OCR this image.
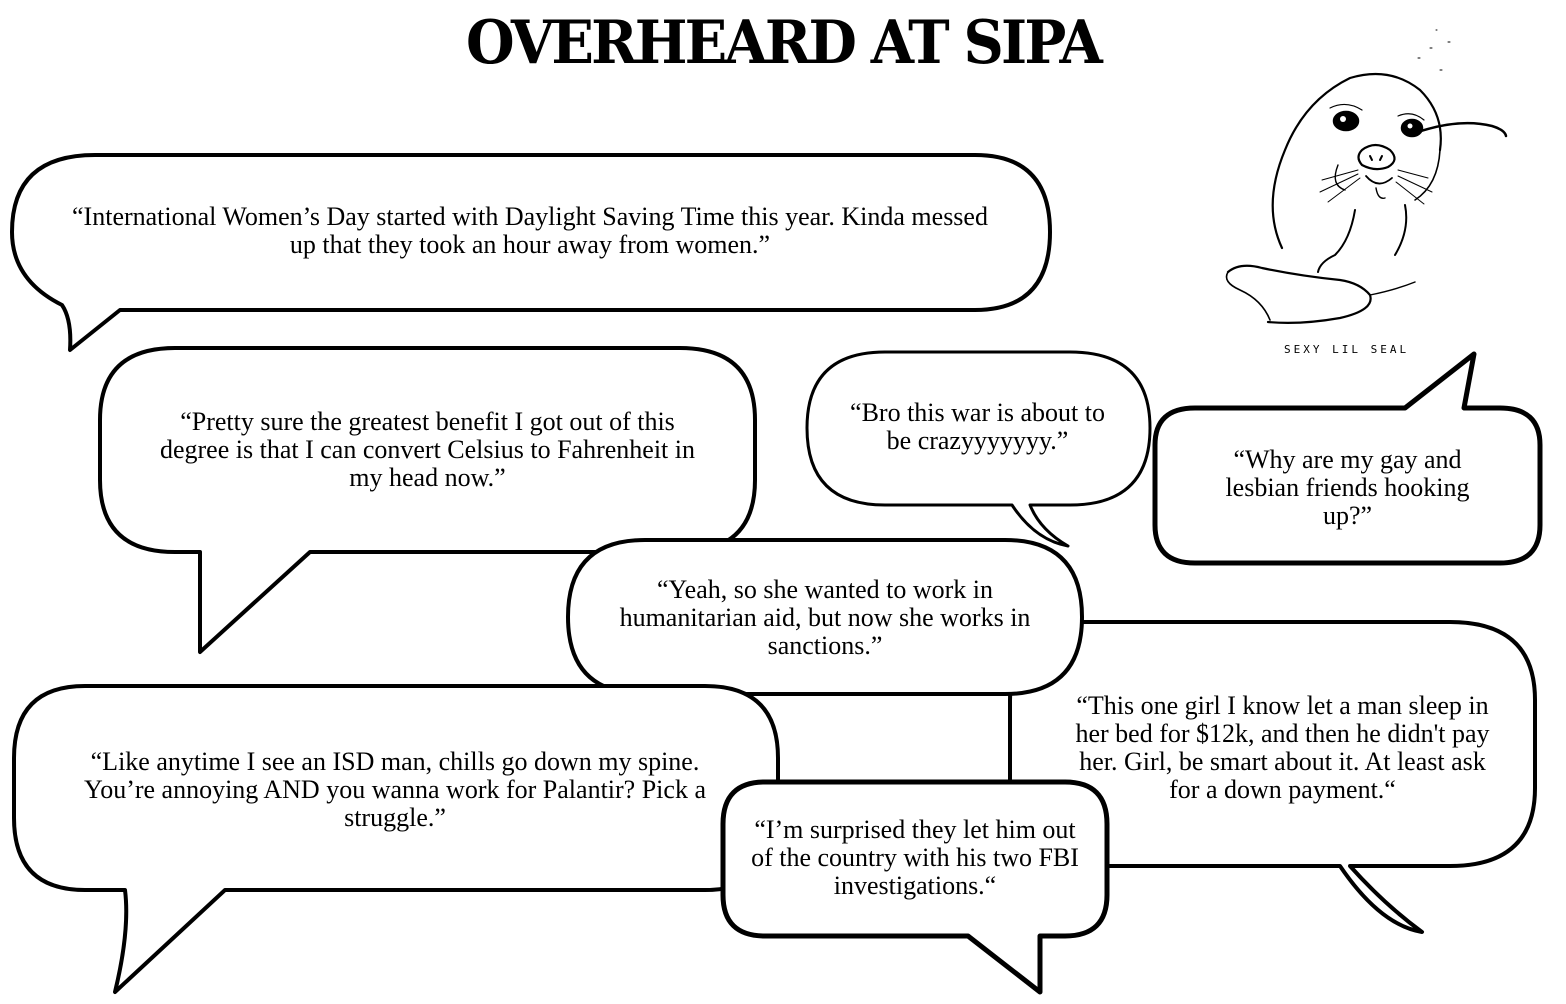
OVERHEARD AT SIPA
SEXY LIL SEAL
“International Women’s Day started with Daylight Saving Time this year. Kinda messed up that they took an hour away from women.”
“Pretty sure the greatest benefit I got out of this degree is that I can convert Celsius to Fahrenheit in my head now.”
“Bro this war is about to be crazyyyyyyy.”
“Why are my gay and lesbian friends hooking up?”
“Yeah, so she wanted to work in humanitarian aid, but now she works in sanctions.”
“This one girl I know let a man sleep in her bed for $12k, and then he didn't pay her. Girl, be smart about it. At least ask for a down payment.“
“Like anytime I see an ISD man, chills go down my spine. You’re annoying AND you wanna work for Palantir? Pick a struggle.”	“I’m surprised they let him out of the country with his two FBI investigations.“
